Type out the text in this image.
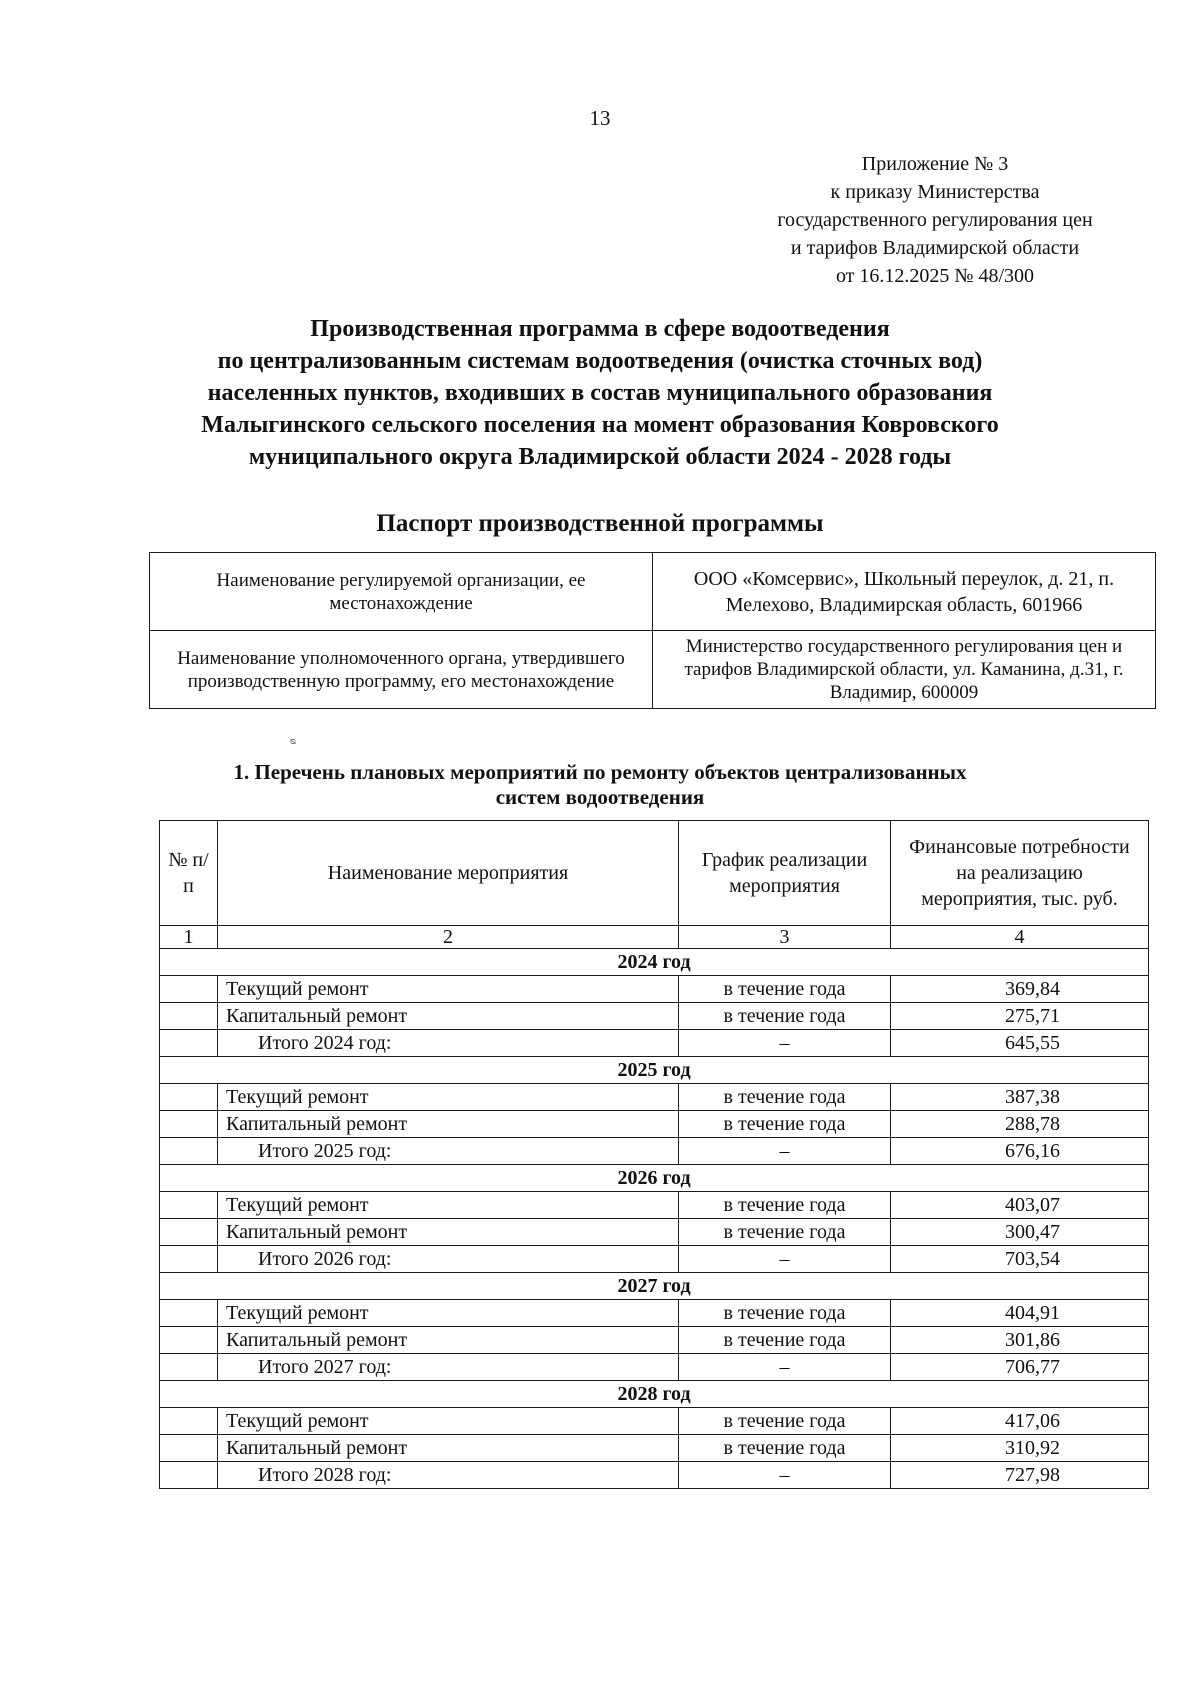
13
Приложение № 3
к приказу Министерства
государственного регулирования цен
и тарифов Владимирской области
от 16.12.2025 № 48/300
Производственная программа в сфере водоотведения
по централизованным системам водоотведения (очистка сточных вод)
населенных пунктов, входивших в состав муниципального образования
Малыгинского сельского поселения на момент образования Ковровского
муниципального округа Владимирской области 2024 - 2028 годы
Паспорт производственной программы
Наименование регулируемой организации, ее местонахождение	ООО «Комсервис», Школьный переулок, д. 21, п. Мелехово, Владимирская область, 601966
Наименование уполномоченного органа, утвердившего производственную программу, его местонахождение	Министерство государственного регулирования цен и тарифов Владимирской области, ул. Каманина, д.31, г. Владимир, 600009
ᴓ
1. Перечень плановых мероприятий по ремонту объектов централизованных
систем водоотведения
№ п/п	Наименование мероприятия	График реализации мероприятия	Финансовые потребности на реализацию мероприятия, тыс. руб.
1	2	3	4
2024 год			
	Текущий ремонт	в течение года	369,84
	Капитальный ремонт	в течение года	275,71
	Итого 2024 год:	–	645,55
2025 год			
	Текущий ремонт	в течение года	387,38
	Капитальный ремонт	в течение года	288,78
	Итого 2025 год:	–	676,16
2026 год			
	Текущий ремонт	в течение года	403,07
	Капитальный ремонт	в течение года	300,47
	Итого 2026 год:	–	703,54
2027 год			
	Текущий ремонт	в течение года	404,91
	Капитальный ремонт	в течение года	301,86
	Итого 2027 год:	–	706,77
2028 год			
	Текущий ремонт	в течение года	417,06
	Капитальный ремонт	в течение года	310,92
	Итого 2028 год:	–	727,98
